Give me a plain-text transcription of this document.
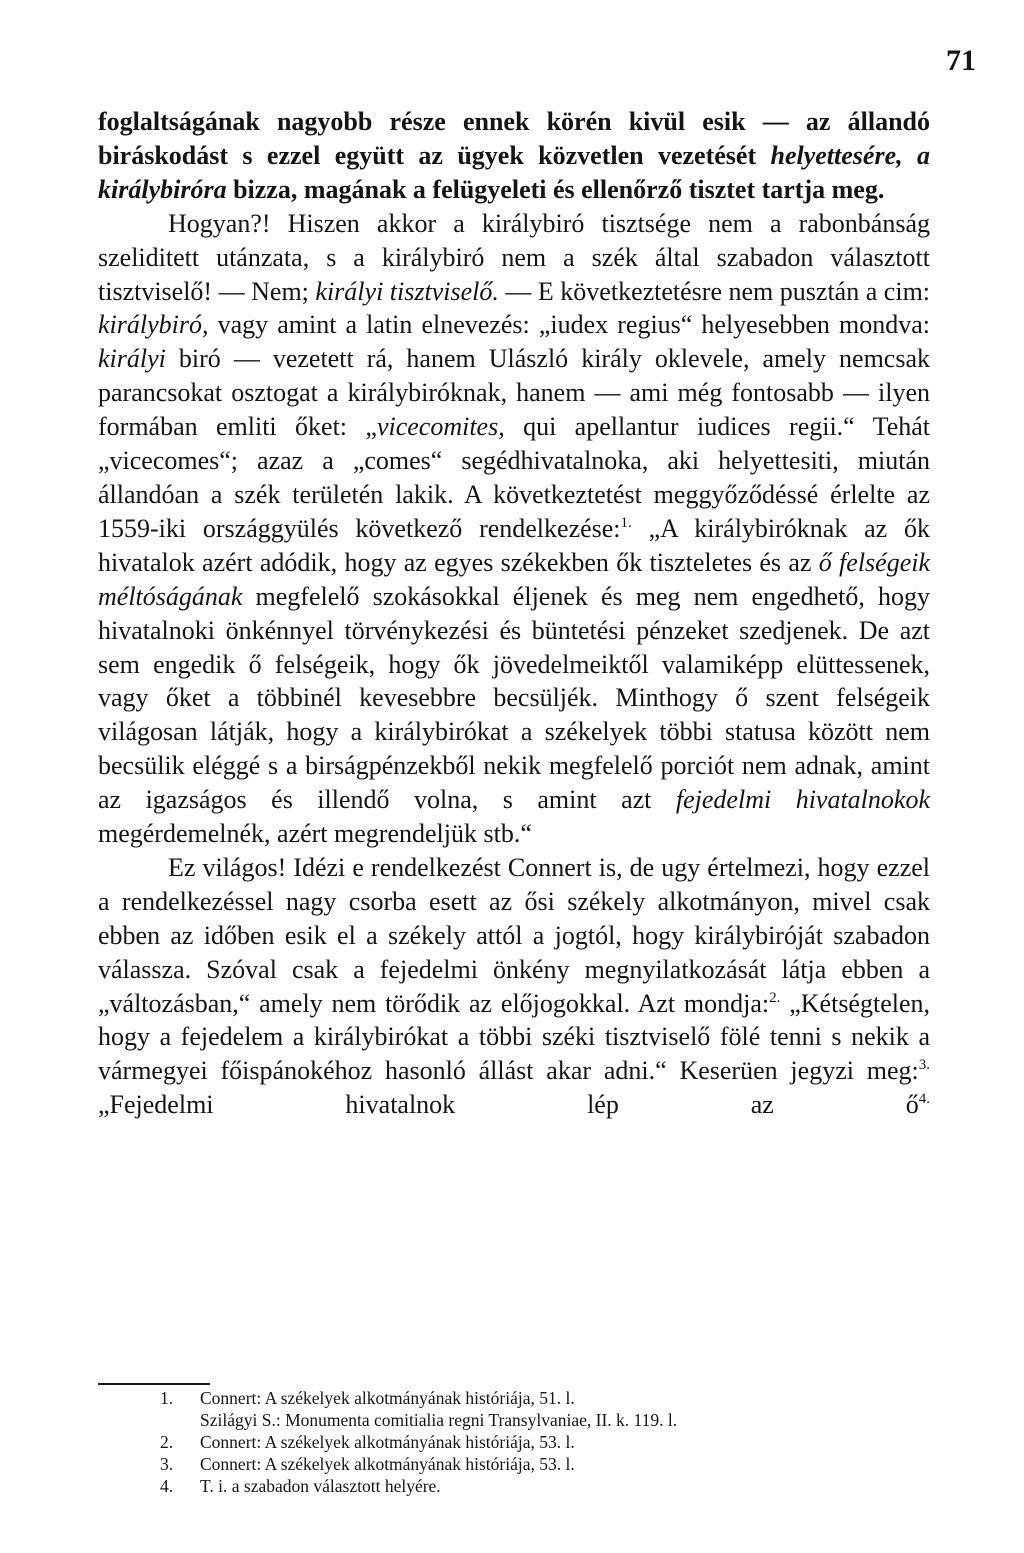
71

foglaltságának nagyobb része ennek körén kivül esik — az állandó biráskodást s ezzel együtt az ügyek közvetlen vezetését helyettesére, a királybiróra bizza, magának a felügyeleti és ellenőrző tisztet tartja meg.

Hogyan?! Hiszen akkor a királybiró tisztsége nem a rabonbánság szeliditett utánzata, s a királybiró nem a szék által szabadon választott tisztviselő! — Nem; királyi tisztviselő. — E következtetésre nem pusztán a cim: királybiró, vagy amint a latin elnevezés: „iudex regius“ helyesebben mondva: királyi biró — vezetett rá, hanem Ulászló király oklevele, amely nemcsak parancsokat osztogat a királybiróknak, hanem — ami még fontosabb — ilyen formában emliti őket: „vicecomites, qui apellantur iudices regii.“ Tehát „vicecomes“; azaz a „comes“ segédhivatalnoka, aki helyettesiti, miután állandóan a szék területén lakik. A következtetést meggyőződéssé érlelte az 1559-iki országgyülés következő rendelkezése:$^{1.}$ „A királybiróknak az ők hivatalok azért adódik, hogy az egyes székekben ők tiszteletes és az ő felségeik méltóságának megfelelő szokásokkal éljenek és meg nem engedhető, hogy hivatalnoki önkénnyel törvénykezési és büntetési pénzeket szedjenek. De azt sem engedik ő felségeik, hogy ők jövedelmeiktől valamiképp elüttessenek, vagy őket a többinél kevesebbre becsüljék. Minthogy ő szent felségeik világosan látják, hogy a királybirókat a székelyek többi statusa között nem becsülik eléggé s a birságpénzekből nekik megfelelő porciót nem adnak, amint az igazságos és illendő volna, s amint azt fejedelmi hivatalnokok megérdemelnék, azért megrendeljük stb.“

Ez világos! Idézi e rendelkezést Connert is, de ugy értelmezi, hogy ezzel a rendelkezéssel nagy csorba esett az ősi székely alkotmányon, mivel csak ebben az időben esik el a székely attól a jogtól, hogy királybiróját szabadon válassza. Szóval csak a fejedelmi önkény megnyilatkozását látja ebben a „változásban,“ amely nem törődik az előjogokkal. Azt mondja:$^{2.}$ „Kétségtelen, hogy a fejedelem a királybirókat a többi széki tisztviselő fölé tenni s nekik a vármegyei főispánokéhoz hasonló állást akar adni.“ Keserüen jegyzi meg:$^{3.}$ „Fejedelmi hivatalnok lép az $ő^{4.}$

1.	Connert: A székelyek alkotmányának históriája, 51. l.
Szilágyi S.: Monumenta comitialia regni Transylvaniae, II. k. 119. l.
2.	Connert: A székelyek alkotmányának históriája, 53. l.
3.	Connert: A székelyek alkotmányának históriája, 53. l.
4.	T. i. a szabadon választott helyére.
